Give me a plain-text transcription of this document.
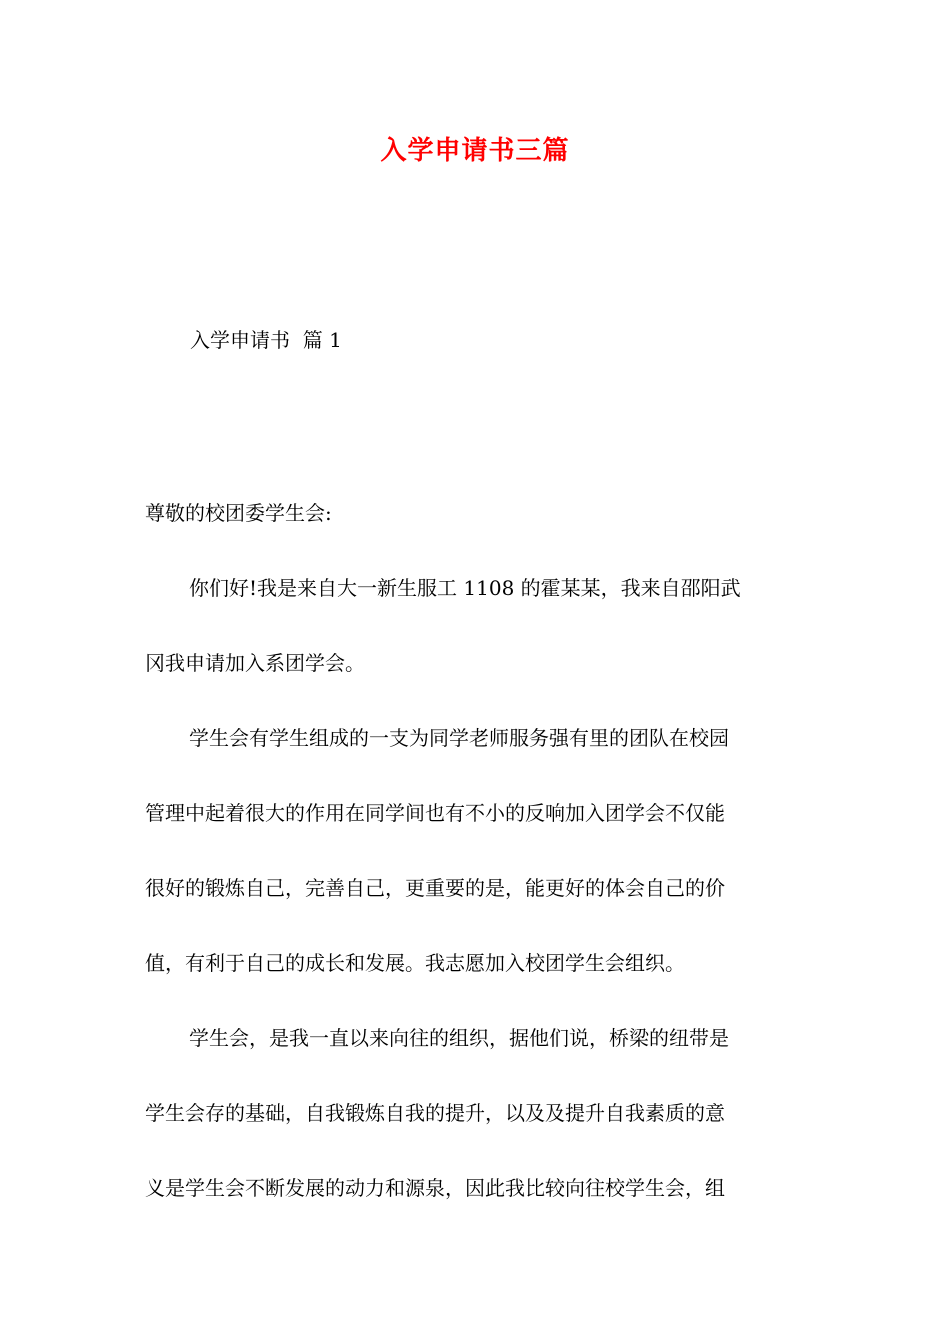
入学申请书三篇
入学申请书  篇 1

尊敬的校团委学生会:

你们好!我是来自大一新生服工 1108 的霍某某，我来自邵阳武
冈我申请加入系团学会。

学生会有学生组成的一支为同学老师服务强有里的团队在校园
管理中起着很大的作用在同学间也有不小的反响加入团学会不仅能
很好的锻炼自己，完善自己，更重要的是，能更好的体会自己的价
值，有利于自己的成长和发展。我志愿加入校团学生会组织。

学生会，是我一直以来向往的组织，据他们说，桥梁的纽带是
学生会存的基础，自我锻炼自我的提升，以及及提升自我素质的意
义是学生会不断发展的动力和源泉，因此我比较向往校学生会，组
